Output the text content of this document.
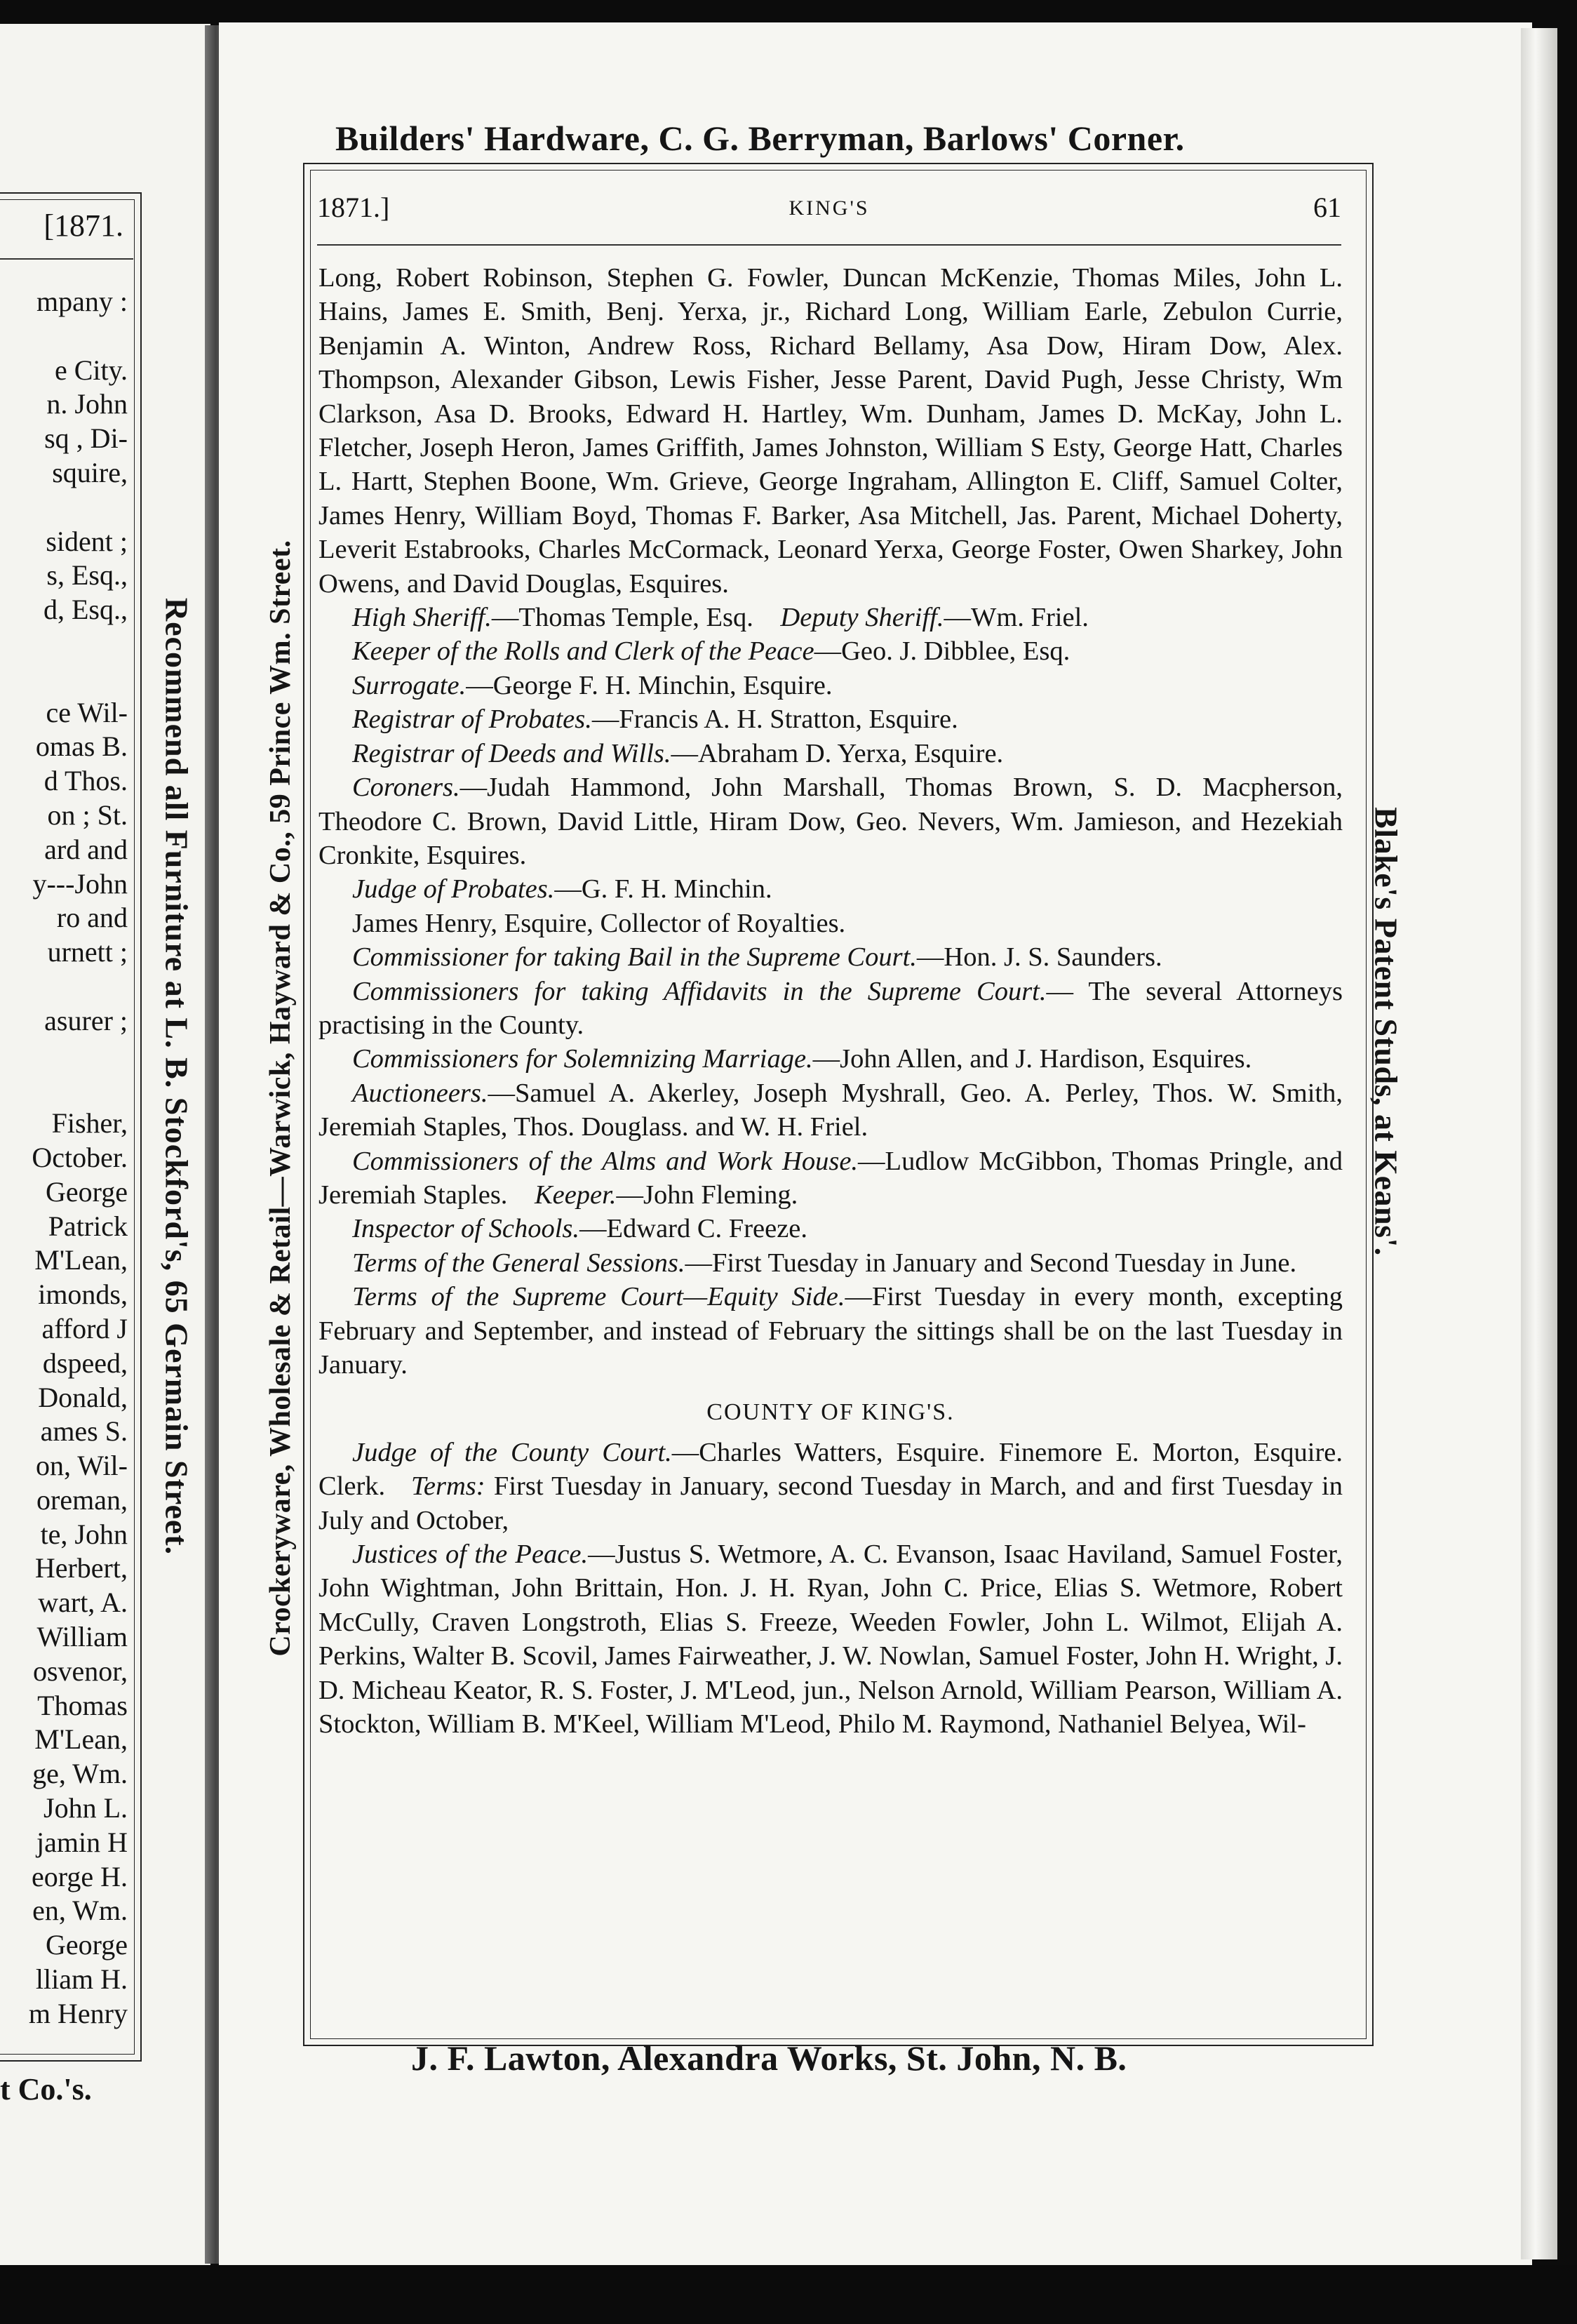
[1871.
mpany :

e City.
n. John
sq , Di-
squire,

sident ;
s, Esq.,
d, Esq.,

ce Wil-
omas B.
d Thos.
on ; St.
ard and
y---John
ro and
urnett ;

asurer ;

Fisher,
October.
George
Patrick
M'Lean,
imonds,
afford J
dspeed,
Donald,
ames S.
on, Wil-
oreman,
te, John
Herbert,
wart, A.
William
osvenor,
Thomas
M'Lean,
ge, Wm.
John L.
jamin H
eorge H.
en, Wm.
George
lliam H.
m Henry
t Co.'s.
Recommend all Furniture at L. B. Stockford's, 65 Germain Street.
Builders' Hardware, C. G. Berryman, Barlows' Corner.
Crockeryware, Wholesale & Retail—Warwick, Hayward & Co., 59 Prince Wm. Street.	Blake's Patent Studs, at Keans'.
J. F. Lawton, Alexandra Works, St. John, N. B.
1871.]	KING'S	61

Long, Robert Robinson, Stephen G. Fowler, Duncan McKenzie, Thomas Miles, John L. Hains, James E. Smith, Benj. Yerxa, jr., Richard Long, William Earle, Zebulon Currie, Benjamin A. Winton, Andrew Ross, Richard Bellamy, Asa Dow, Hiram Dow, Alex. Thompson, Alexander Gibson, Lewis Fisher, Jesse Parent, David Pugh, Jesse Christy, Wm Clarkson, Asa D. Brooks, Edward H. Hartley, Wm. Dunham, James D. McKay, John L. Fletcher, Joseph Heron, James Griffith, James Johnston, William S Esty, George Hatt, Charles L. Hartt, Stephen Boone, Wm. Grieve, George Ingraham, Allington E. Cliff, Samuel Colter, James Henry, William Boyd, Thomas F. Barker, Asa Mitchell, Jas. Parent, Michael Doherty, Leverit Estabrooks, Charles McCormack, Leonard Yerxa, George Foster, Owen Sharkey, John Owens, and David Douglas, Esquires.

High Sheriff.—Thomas Temple, Esq. Deputy Sheriff.—Wm. Friel.

Keeper of the Rolls and Clerk of the Peace—Geo. J. Dibblee, Esq.

Surrogate.—George F. H. Minchin, Esquire.

Registrar of Probates.—Francis A. H. Stratton, Esquire.

Registrar of Deeds and Wills.—Abraham D. Yerxa, Esquire.

Coroners.—Judah Hammond, John Marshall, Thomas Brown, S. D. Macpherson, Theodore C. Brown, David Little, Hiram Dow, Geo. Nevers, Wm. Jamieson, and Hezekiah Cronkite, Esquires.

Judge of Probates.—G. F. H. Minchin.

James Henry, Esquire, Collector of Royalties.

Commissioner for taking Bail in the Supreme Court.—Hon. J. S. Saunders.

Commissioners for taking Affidavits in the Supreme Court.— The several Attorneys practising in the County.

Commissioners for Solemnizing Marriage.—John Allen, and J. Hardison, Esquires.

Auctioneers.—Samuel A. Akerley, Joseph Myshrall, Geo. A. Perley, Thos. W. Smith, Jeremiah Staples, Thos. Douglass. and W. H. Friel.

Commissioners of the Alms and Work House.—Ludlow McGibbon, Thomas Pringle, and Jeremiah Staples. Keeper.—John Fleming.

Inspector of Schools.—Edward C. Freeze.

Terms of the General Sessions.—First Tuesday in January and Second Tuesday in June.

Terms of the Supreme Court—Equity Side.—First Tuesday in every month, excepting February and September, and instead of February the sittings shall be on the last Tuesday in January.

COUNTY OF KING'S.

Judge of the County Court.—Charles Watters, Esquire. Finemore E. Morton, Esquire. Clerk. Terms: First Tuesday in January, second Tuesday in March, and and first Tuesday in July and October,

Justices of the Peace.—Justus S. Wetmore, A. C. Evanson, Isaac Haviland, Samuel Foster, John Wightman, John Brittain, Hon. J. H. Ryan, John C. Price, Elias S. Wetmore, Robert McCully, Craven Longstroth, Elias S. Freeze, Weeden Fowler, John L. Wilmot, Elijah A. Perkins, Walter B. Scovil, James Fairweather, J. W. Nowlan, Samuel Foster, John H. Wright, J. D. Micheau Keator, R. S. Foster, J. M'Leod, jun., Nelson Arnold, William Pearson, William A. Stockton, William B. M'Keel, William M'Leod, Philo M. Raymond, Nathaniel Belyea, Wil-
